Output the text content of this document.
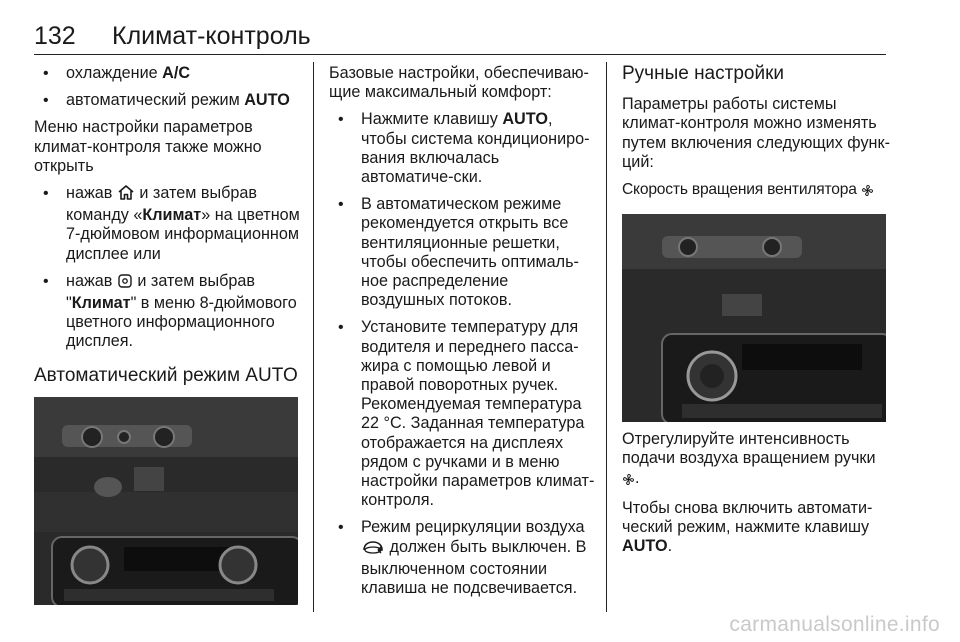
132 Климат-контроль
• охлаждение A/C
• автоматический режим AUTO

Меню настройки параметров климат-контроля также можно открыть

• нажав  и затем выбрав команду «Климат» на цветном 7-дюймовом информационном дисплее или
• нажав  и затем выбрав "Климат" в меню 8-дюймового цветного информационного дисплея.
Автоматический режим AUTO

Базовые настройки, обеспечиваю-щие максимальный комфорт:

• Нажмите клавишу AUTO, чтобы система кондициониро-вания включалась автоматиче-ски.
• В автоматическом режиме рекомендуется открыть все вентиляционные решетки, чтобы обеспечить оптималь-ное распределение воздушных потоков.
• Установите температуру для водителя и переднего пасса-жира с помощью левой и правой поворотных ручек. Рекомендуемая температура 22 °C. Заданная температура отображается на дисплеях рядом с ручками и в меню настройки параметров климат-контроля.
• Режим рециркуляции воздуха  должен быть выключен. В выключенном состоянии клавиша не подсвечивается.
Ручные настройки

Параметры работы системы климат-контроля можно изменять путем включения следующих функ-ций:

Скорость вращения вентилятора

Отрегулируйте интенсивность подачи воздуха вращением ручки .

Чтобы снова включить автомати-ческий режим, нажмите клавишу AUTO.

carmanualsonline.info
